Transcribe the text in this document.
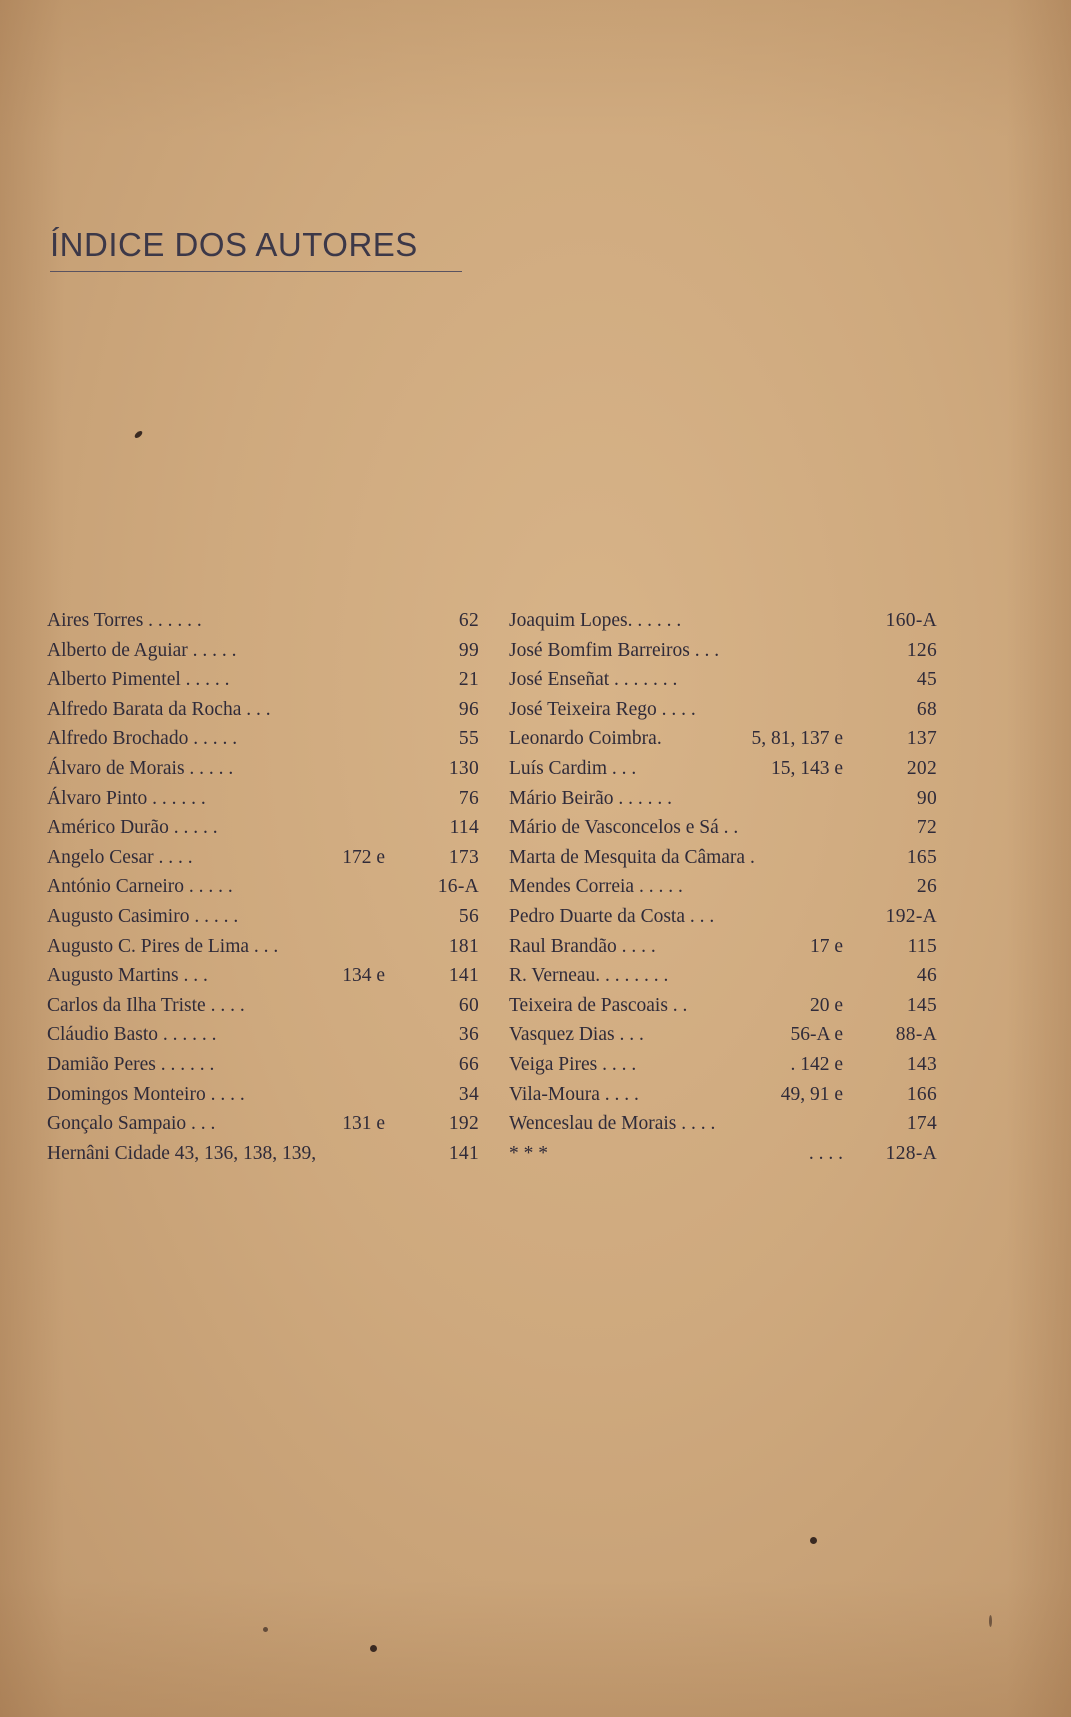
ÍNDICE DOS AUTORES
Aires Torres . . . . . .	62
Alberto de Aguiar . . . . .	99
Alberto Pimentel . . . . .	21
Alfredo Barata da Rocha . . .	96
Alfredo Brochado . . . . .	55
Álvaro de Morais . . . . .	130
Álvaro Pinto . . . . . .	76
Américo Durão . . . . .	114
Angelo Cesar . . . .	172 e	173
António Carneiro . . . . .	16-A
Augusto Casimiro . . . . .	56
Augusto C. Pires de Lima . . .	181
Augusto Martins . . .	134 e	141
Carlos da Ilha Triste . . . .	60
Cláudio Basto . . . . . .	36
Damião Peres . . . . . .	66
Domingos Monteiro . . . .	34
Gonçalo Sampaio . . .	131 e	192
Hernâni Cidade 43, 136, 138, 139,	141
Joaquim Lopes. . . . . .	160-A
José Bomfim Barreiros . . .	126
José Enseñat . . . . . . .	45
José Teixeira Rego . . . .	68
Leonardo Coimbra.	5, 81, 137 e	137
Luís Cardim . . .	15, 143 e	202
Mário Beirão . . . . . .	90
Mário de Vasconcelos e Sá . .	72
Marta de Mesquita da Câmara .	165
Mendes Correia . . . . .	26
Pedro Duarte da Costa . . .	192-A
Raul Brandão . . . .	17 e	115
R. Verneau. . . . . . . .	46
Teixeira de Pascoais . .	20 e	145
Vasquez Dias . . .	56-A e	88-A
Veiga Pires . . . .	. 142 e	143
Vila-Moura . . . .	49, 91 e	166
Wenceslau de Morais . . . .	174
* * *	. . . . 128-A
